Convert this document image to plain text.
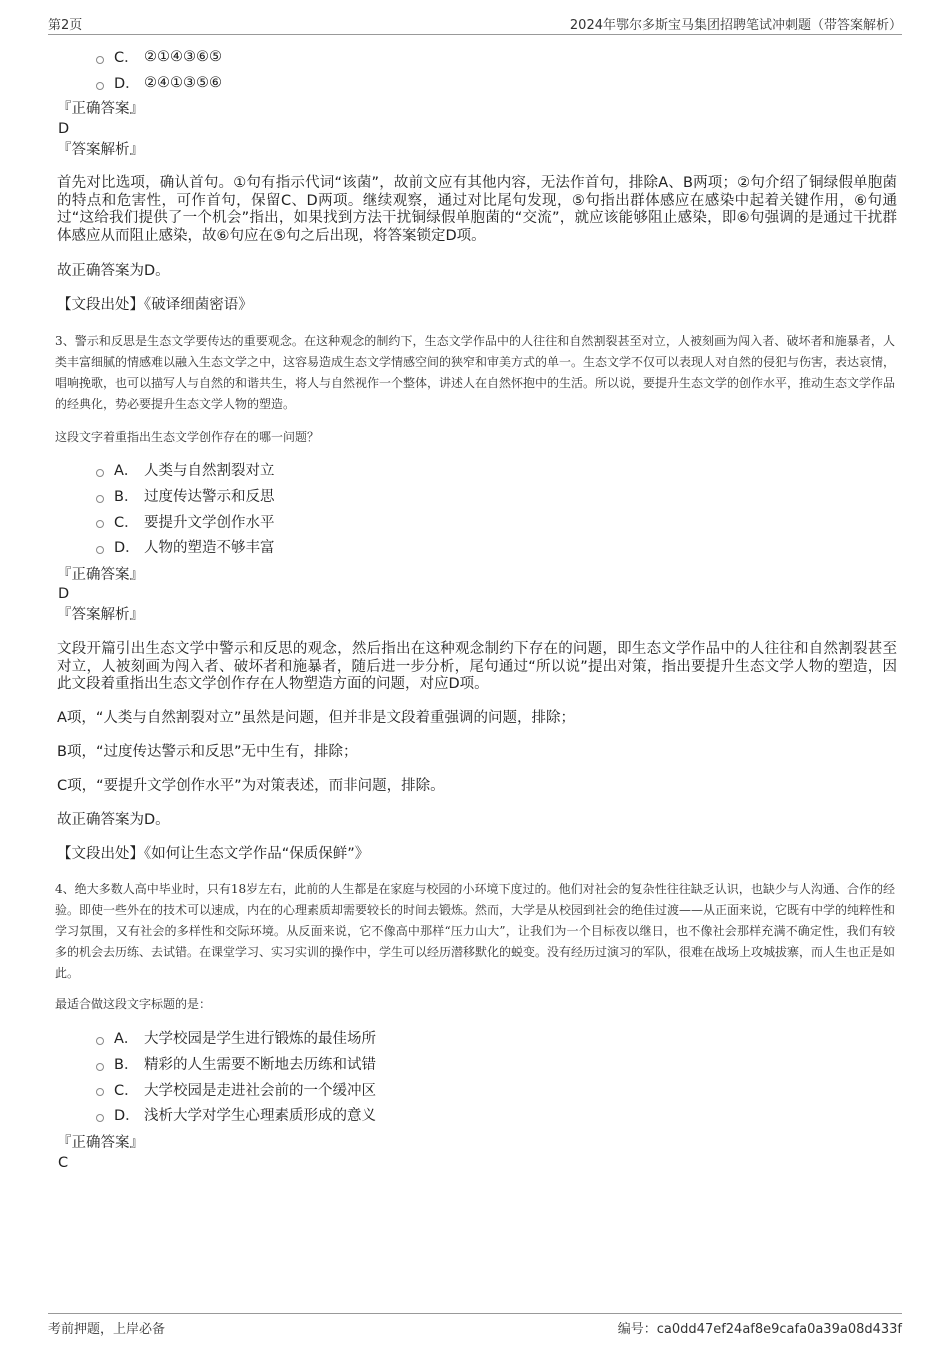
第2页	2024年鄂尔多斯宝马集团招聘笔试冲刺题（带答案解析）
C． ②①④③⑥⑤
D． ②④①③⑤⑥
『正确答案』
D
『答案解析』
首先对比选项，确认首句。①句有指示代词“该菌”，故前文应有其他内容，无法作首句，排除A、B两项；②句介绍了铜绿假单胞菌的特点和危害性，可作首句，保留C、D两项。继续观察，通过对比尾句发现，⑤句指出群体感应在感染中起着关键作用，⑥句通过“这给我们提供了一个机会”指出，如果找到方法干扰铜绿假单胞菌的“交流”，就应该能够阻止感染，即⑥句强调的是通过干扰群体感应从而阻止感染，故⑥句应在⑤句之后出现，将答案锁定D项。
故正确答案为D。
【文段出处】《破译细菌密语》
3、警示和反思是生态文学要传达的重要观念。在这种观念的制约下，生态文学作品中的人往往和自然割裂甚至对立，人被刻画为闯入者、破坏者和施暴者，人类丰富细腻的情感难以融入生态文学之中，这容易造成生态文学情感空间的狭窄和审美方式的单一。生态文学不仅可以表现人对自然的侵犯与伤害，表达哀情，唱响挽歌，也可以描写人与自然的和谐共生，将人与自然视作一个整体，讲述人在自然怀抱中的生活。所以说，要提升生态文学的创作水平，推动生态文学作品的经典化，势必要提升生态文学人物的塑造。
这段文字着重指出生态文学创作存在的哪一问题？
A． 人类与自然割裂对立
B． 过度传达警示和反思
C． 要提升文学创作水平
D． 人物的塑造不够丰富
『正确答案』
D
『答案解析』
文段开篇引出生态文学中警示和反思的观念，然后指出在这种观念制约下存在的问题，即生态文学作品中的人往往和自然割裂甚至对立，人被刻画为闯入者、破坏者和施暴者，随后进一步分析，尾句通过“所以说”提出对策，指出要提升生态文学人物的塑造，因此文段着重指出生态文学创作存在人物塑造方面的问题，对应D项。
A项，“人类与自然割裂对立”虽然是问题，但并非是文段着重强调的问题，排除；
B项，“过度传达警示和反思”无中生有，排除；
C项，“要提升文学创作水平”为对策表述，而非问题，排除。
故正确答案为D。
【文段出处】《如何让生态文学作品“保质保鲜”》
4、绝大多数人高中毕业时，只有18岁左右，此前的人生都是在家庭与校园的小环境下度过的。他们对社会的复杂性往往缺乏认识，也缺少与人沟通、合作的经验。即使一些外在的技术可以速成，内在的心理素质却需要较长的时间去锻炼。然而，大学是从校园到社会的绝佳过渡——从正面来说，它既有中学的纯粹性和学习氛围，又有社会的多样性和交际环境。从反面来说，它不像高中那样“压力山大”，让我们为一个目标夜以继日，也不像社会那样充满不确定性，我们有较多的机会去历练、去试错。在课堂学习、实习实训的操作中，学生可以经历潜移默化的蜕变。没有经历过演习的军队，很难在战场上攻城拔寨，而人生也正是如此。
最适合做这段文字标题的是：
A． 大学校园是学生进行锻炼的最佳场所
B． 精彩的人生需要不断地去历练和试错
C． 大学校园是走进社会前的一个缓冲区
D． 浅析大学对学生心理素质形成的意义
『正确答案』
C
考前押题，上岸必备	编号：ca0dd47ef24af8e9cafa0a39a08d433f
